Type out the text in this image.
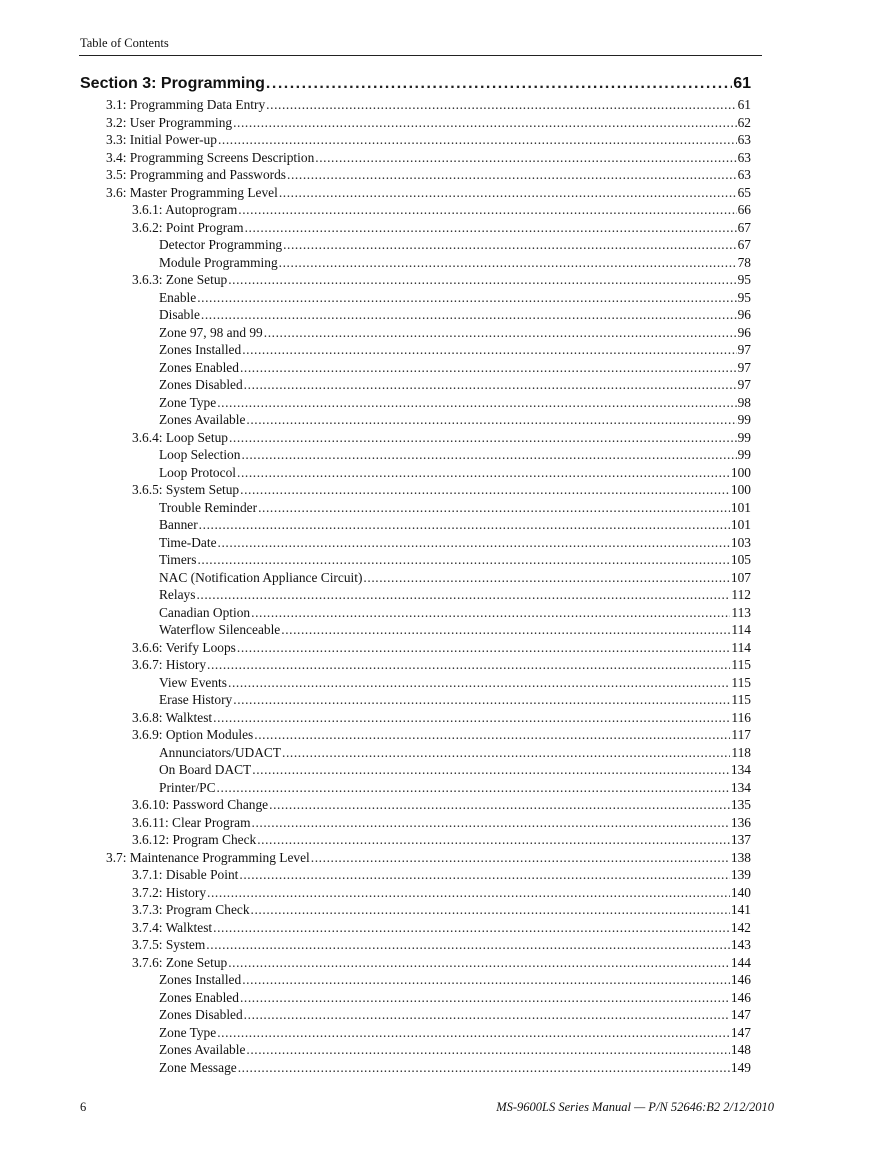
Table of Contents
Section 3: Programming .....	61
3.1: Programming Data Entry .....	61
3.2: User Programming .....	62
3.3: Initial Power-up .....	63
3.4: Programming Screens Description .....	63
3.5: Programming and Passwords .....	63
3.6: Master Programming Level .....	65
3.6.1: Autoprogram .....	66
3.6.2: Point Program .....	67
Detector Programming .....	67
Module Programming .....	78
3.6.3: Zone Setup .....	95
Enable .....	95
Disable .....	96
Zone 97, 98 and 99 .....	96
Zones Installed .....	97
Zones Enabled .....	97
Zones Disabled .....	97
Zone Type .....	98
Zones Available .....	99
3.6.4: Loop Setup .....	99
Loop Selection .....	99
Loop Protocol .....	100
3.6.5: System Setup .....	100
Trouble Reminder .....	101
Banner .....	101
Time-Date .....	103
Timers .....	105
NAC (Notification Appliance Circuit) .....	107
Relays .....	112
Canadian Option .....	113
Waterflow Silenceable .....	114
3.6.6: Verify Loops .....	114
3.6.7: History .....	115
View Events .....	115
Erase History .....	115
3.6.8: Walktest .....	116
3.6.9: Option Modules .....	117
Annunciators/UDACT .....	118
On Board DACT .....	134
Printer/PC .....	134
3.6.10: Password Change .....	135
3.6.11: Clear Program .....	136
3.6.12: Program Check .....	137
3.7: Maintenance Programming Level .....	138
3.7.1: Disable Point .....	139
3.7.2: History .....	140
3.7.3: Program Check .....	141
3.7.4: Walktest .....	142
3.7.5: System .....	143
3.7.6: Zone Setup .....	144
Zones Installed .....	146
Zones Enabled .....	146
Zones Disabled .....	147
Zone Type .....	147
Zones Available .....	148
Zone Message .....	149
6	MS-9600LS Series Manual — P/N 52646:B2 2/12/2010
